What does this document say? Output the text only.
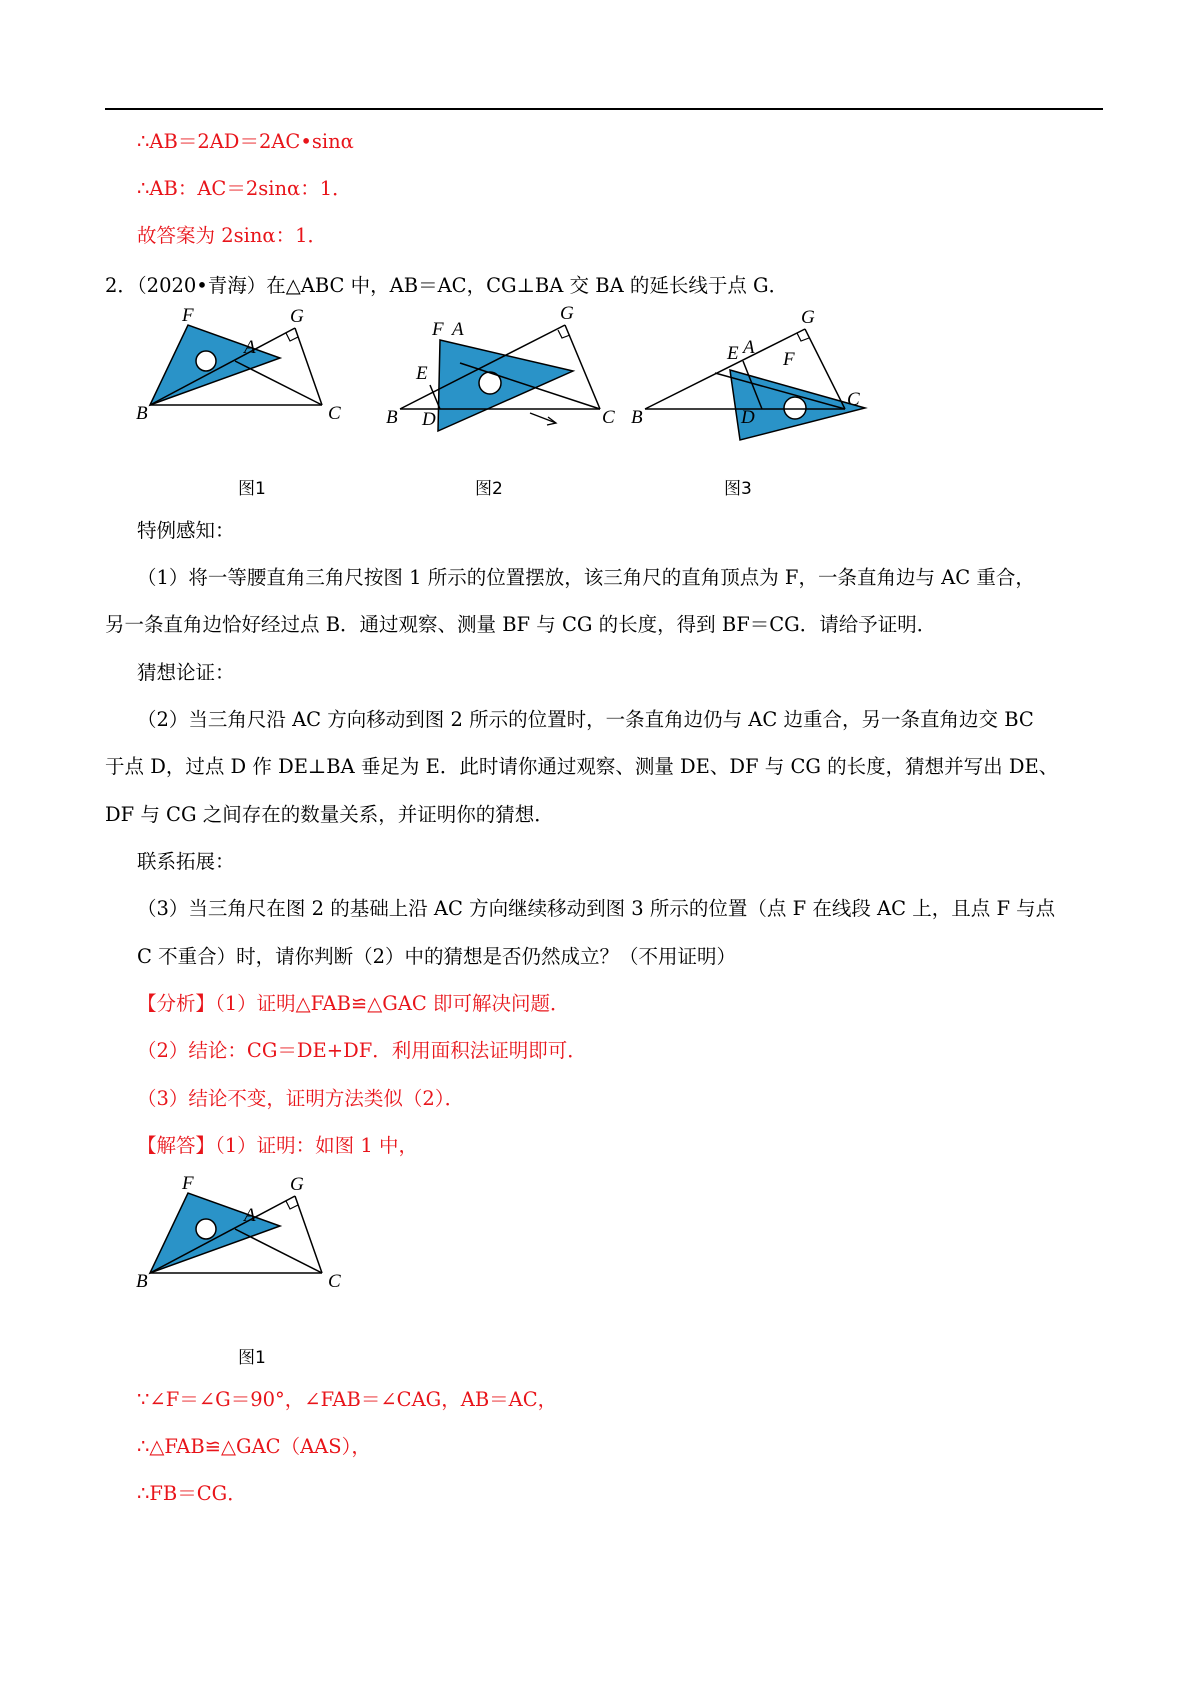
∴AB＝2AD＝2AC•sinα
∴AB：AC＝2sinα：1．
故答案为 2sinα：1．
2．（2020•青海）在△ABC 中，AB＝AC，CG⊥BA 交 BA 的延长线于点 G．
B	C
F
A
G
图1
B	C
F A
E
D
G
图2
B
C
E A
F
D
G
图3
特例感知：
（1）将一等腰直角三角尺按图 1 所示的位置摆放，该三角尺的直角顶点为 F，一条直角边与 AC 重合，
另一条直角边恰好经过点 B．通过观察、测量 BF 与 CG 的长度，得到 BF＝CG．请给予证明．
猜想论证：
（2）当三角尺沿 AC 方向移动到图 2 所示的位置时，一条直角边仍与 AC 边重合，另一条直角边交 BC
于点 D，过点 D 作 DE⊥BA 垂足为 E．此时请你通过观察、测量 DE、DF 与 CG 的长度，猜想并写出 DE、
DF 与 CG 之间存在的数量关系，并证明你的猜想．
联系拓展：
（3）当三角尺在图 2 的基础上沿 AC 方向继续移动到图 3 所示的位置（点 F 在线段 AC 上，且点 F 与点
C 不重合）时，请你判断（2）中的猜想是否仍然成立？（不用证明）
【分析】（1）证明△FAB≌△GAC 即可解决问题．
（2）结论：CG＝DE+DF．利用面积法证明即可．
（3）结论不变，证明方法类似（2）．
【解答】（1）证明：如图 1 中，
B	C
F
A
G
图1
∵∠F＝∠G＝90°，∠FAB＝∠CAG，AB＝AC，
∴△FAB≌△GAC（AAS），
∴FB＝CG．
